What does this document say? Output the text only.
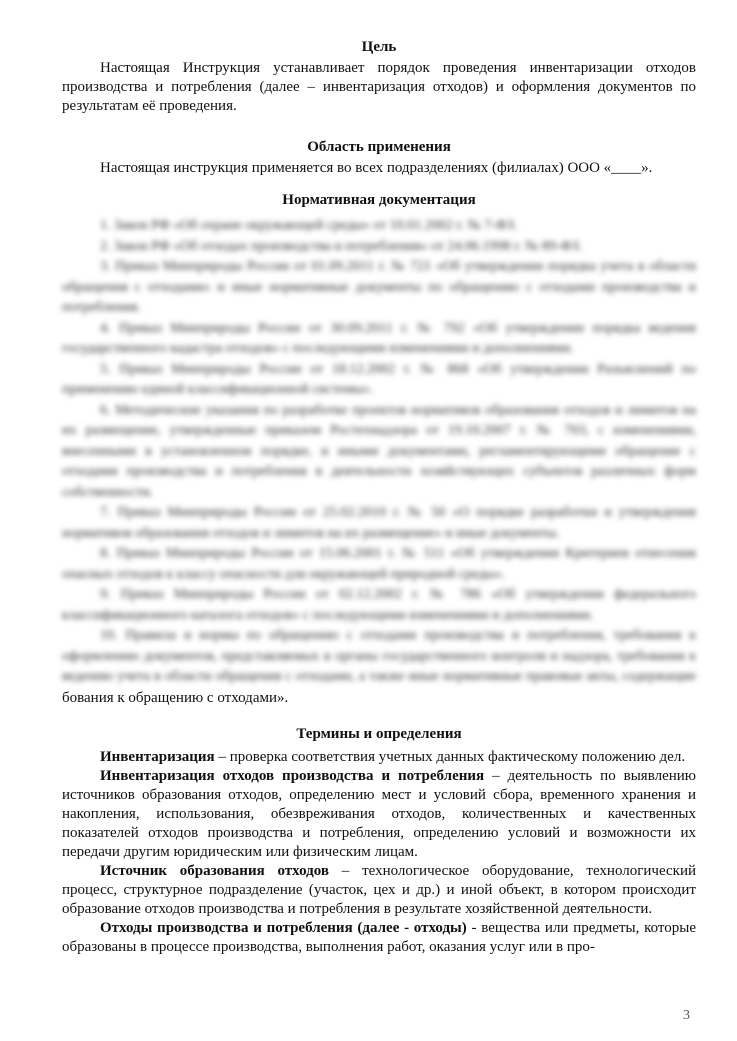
Цель

Настоящая Инструкция устанавливает порядок проведения инвентаризации отходов производства и потребления (далее – инвентаризация отходов) и оформления документов по результатам её проведения.

Область применения

Настоящая инструкция применяется во всех подразделениях (филиалах) ООО «____».

Нормативная документация

1. Закон РФ «Об охране окружающей среды» от 10.01.2002 г. № 7-ФЗ.

2. Закон РФ «Об отходах производства и потребления» от 24.06.1998 г. № 89-ФЗ.

3. Приказ Минприроды России от 01.09.2011 г. № 721 «Об утверждении порядка учета в области обращения с отходами» и иные нормативные документы по обращению с отходами производства и потребления.

4. Приказ Минприроды России от 30.09.2011 г. № 792 «Об утверждении порядка ведения государственного кадастра отходов» с последующими изменениями и дополнениями.

5. Приказ Минприроды России от 18.12.2002 г. № 868 «Об утверждении Разъяснений по применению единой классификационной системы».

6. Методические указания по разработке проектов нормативов образования отходов и лимитов на их размещение, утвержденные приказом Ростехнадзора от 19.10.2007 г. № 703, с изменениями, внесенными в установленном порядке, и иными документами, регламентирующими обращение с отходами производства и потребления в деятельности хозяйствующих субъектов различных форм собственности.

7. Приказ Минприроды России от 25.02.2010 г. № 50 «О порядке разработки и утверждения нормативов образования отходов и лимитов на их размещение» и иные документы.

8. Приказ Минприроды России от 15.06.2001 г. № 511 «Об утверждении Критериев отнесения опасных отходов к классу опасности для окружающей природной среды».

9. Приказ Минприроды России от 02.12.2002 г. № 786 «Об утверждении федерального классификационного каталога отходов» с последующими изменениями и дополнениями.

10. Правила и нормы по обращению с отходами производства и потребления, требования к оформлению документов, представляемых в органы государственного контроля и надзора, требования к ведению учета в области обращения с отходами, а также иные нормативные правовые акты, содержащие

бования к обращению с отходами».

Термины и определения

Инвентаризация – проверка соответствия учетных данных фактическому положению дел.

Инвентаризация отходов производства и потребления – деятельность по выявлению источников образования отходов, определению мест и условий сбора, временного хранения и накопления, использования, обезвреживания отходов, количественных и качественных показателей отходов производства и потребления, определению условий и возможности их передачи другим юридическим или физическим лицам.

Источник образования отходов – технологическое оборудование, технологический процесс, структурное подразделение (участок, цех и др.) и иной объект, в котором происходит образование отходов производства и потребления в результате хозяйственной деятельности.

Отходы производства и потребления (далее - отходы) - вещества или предметы, которые образованы в процессе производства, выполнения работ, оказания услуг или в про-

3
